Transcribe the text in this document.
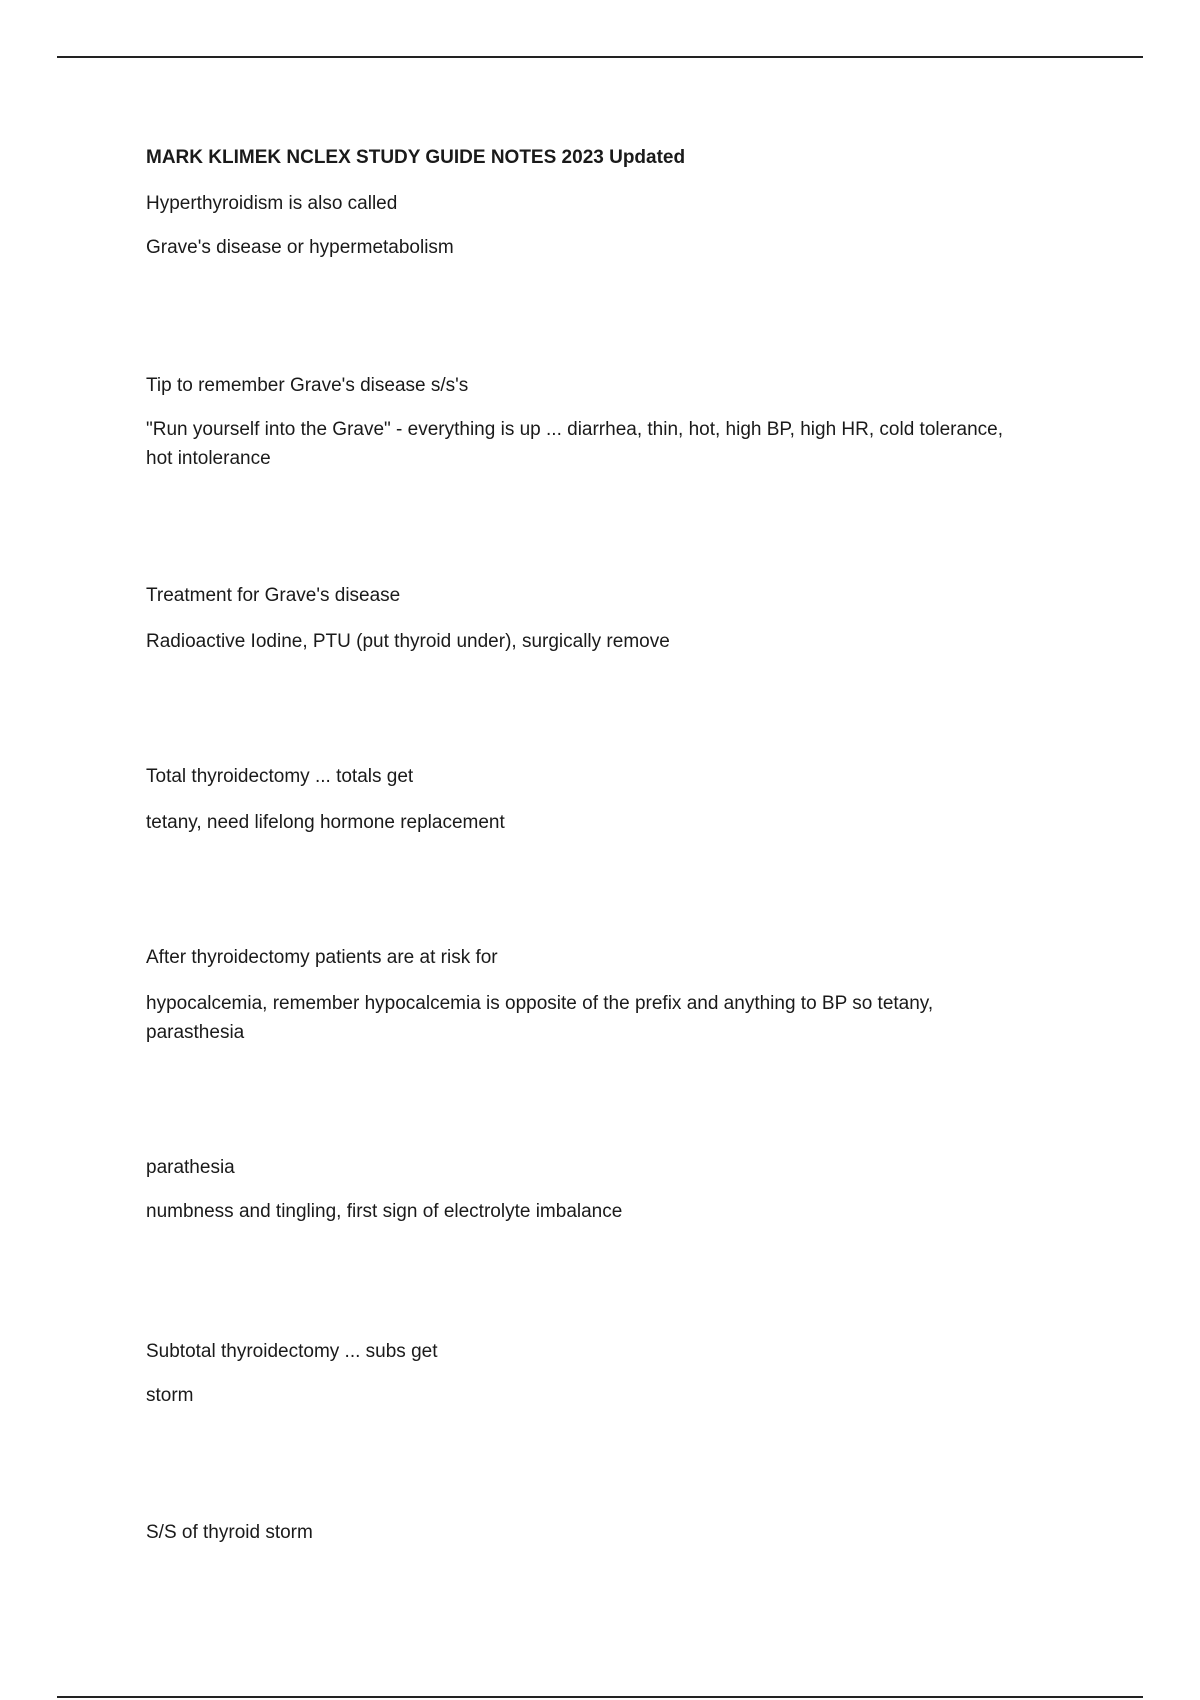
MARK KLIMEK NCLEX STUDY GUIDE NOTES 2023 Updated

Hyperthyroidism is also called

Grave's disease or hypermetabolism

Tip to remember Grave's disease s/s's

"Run yourself into the Grave" - everything is up ... diarrhea, thin, hot, high BP, high HR, cold tolerance, hot intolerance

Treatment for Grave's disease

Radioactive Iodine, PTU (put thyroid under), surgically remove

Total thyroidectomy ... totals get

tetany, need lifelong hormone replacement

After thyroidectomy patients are at risk for

hypocalcemia, remember hypocalcemia is opposite of the prefix and anything to BP so tetany, parasthesia

parathesia

numbness and tingling, first sign of electrolyte imbalance

Subtotal thyroidectomy ... subs get

storm

S/S of thyroid storm
